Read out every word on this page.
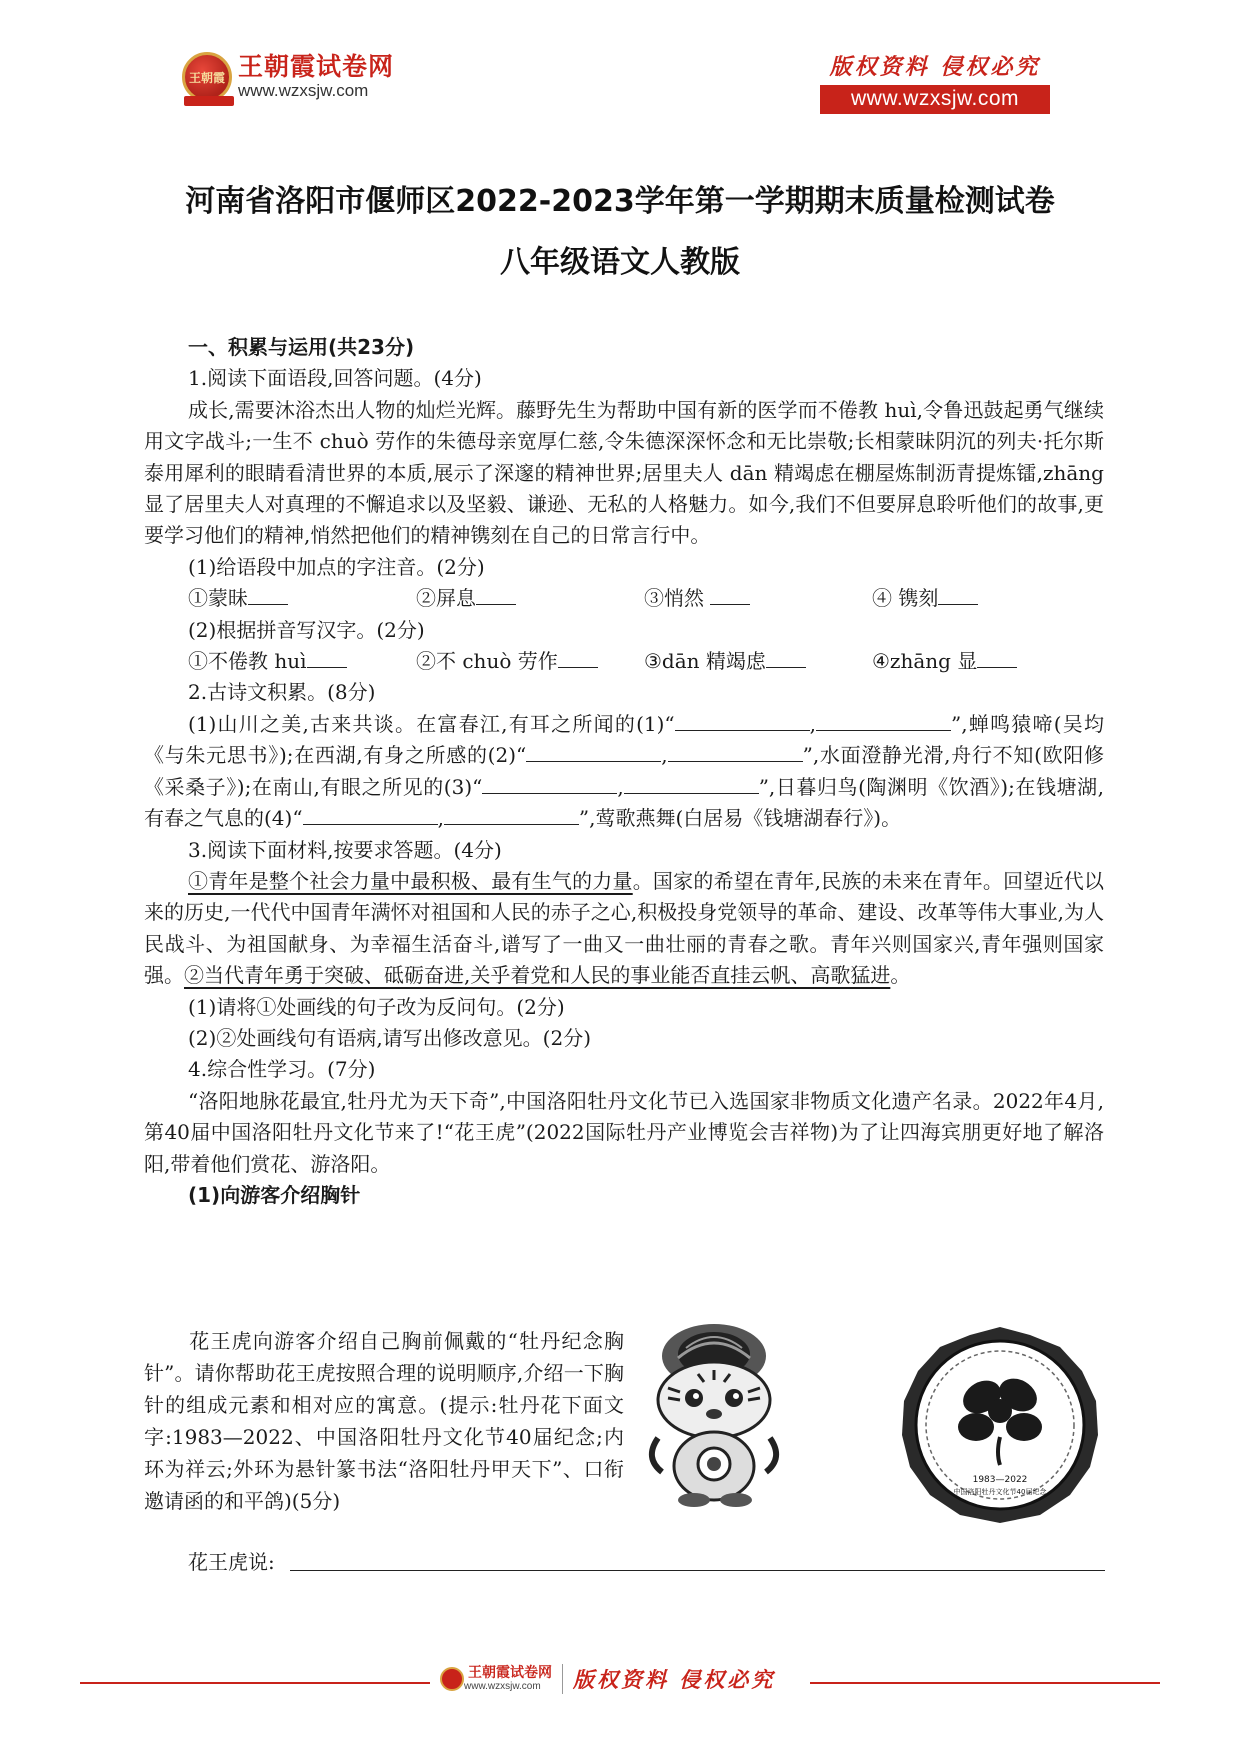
王朝霞 王朝霞试卷网
www.wzxsjw.com
版权资料 侵权必究
www.wzxsjw.com
河南省洛阳市偃师区2022-2023学年第一学期期末质量检测试卷
八年级语文人教版
一、积累与运用(共23分)
1.阅读下面语段,回答问题。(4分)
成长,需要沐浴杰出人物的灿烂光辉。藤野先生为帮助中国有新的医学而不倦教 huì,令鲁迅鼓起勇气继续用文字战斗;一生不 chuò 劳作的朱德母亲宽厚仁慈,令朱德深深怀念和无比崇敬;长相蒙昧阴沉的列夫·托尔斯泰用犀利的眼睛看清世界的本质,展示了深邃的精神世界;居里夫人 dān 精竭虑在棚屋炼制沥青提炼镭,zhāng 显了居里夫人对真理的不懈追求以及坚毅、谦逊、无私的人格魅力。如今,我们不但要屏息聆听他们的故事,更要学习他们的精神,悄然把他们的精神镌刻在自己的日常言行中。
(1)给语段中加点的字注音。(2分)
①蒙昧	②屏息	③悄然	④ 镌刻
(2)根据拼音写汉字。(2分)
①不倦教 huì	②不 chuò 劳作	③dān 精竭虑	④zhāng 显
2.古诗文积累。(8分)
(1)山川之美,古来共谈。在富春江,有耳之所闻的(1)“	,	”,蝉鸣猿啼(吴均《与朱元思书》);在西湖,有身之所感的(2)“	,	”,水面澄静光滑,舟行不知(欧阳修《采桑子》);在南山,有眼之所见的(3)“	,	”,日暮归鸟(陶渊明《饮酒》);在钱塘湖,有春之气息的(4)“	,	”,莺歌燕舞(白居易《钱塘湖春行》)。
3.阅读下面材料,按要求答题。(4分)
①青年是整个社会力量中最积极、最有生气的力量。国家的希望在青年,民族的未来在青年。回望近代以来的历史,一代代中国青年满怀对祖国和人民的赤子之心,积极投身党领导的革命、建设、改革等伟大事业,为人民战斗、为祖国献身、为幸福生活奋斗,谱写了一曲又一曲壮丽的青春之歌。青年兴则国家兴,青年强则国家强。②当代青年勇于突破、砥砺奋进,关乎着党和人民的事业能否直挂云帆、高歌猛进。
(1)请将①处画线的句子改为反问句。(2分)
(2)②处画线句有语病,请写出修改意见。(2分)
4.综合性学习。(7分)
“洛阳地脉花最宜,牡丹尤为天下奇”,中国洛阳牡丹文化节已入选国家非物质文化遗产名录。2022年4月,第40届中国洛阳牡丹文化节来了!“花王虎”(2022国际牡丹产业博览会吉祥物)为了让四海宾朋更好地了解洛阳,带着他们赏花、游洛阳。
(1)向游客介绍胸针
花王虎向游客介绍自己胸前佩戴的“牡丹纪念胸针”。请你帮助花王虎按照合理的说明顺序,介绍一下胸针的组成元素和相对应的寓意。(提示:牡丹花下面文字:1983—2022、中国洛阳牡丹文化节40届纪念;内环为祥云;外环为悬针篆书法“洛阳牡丹甲天下”、口衔邀请函的和平鸽)(5分)
1983—2022
中国洛阳牡丹文化节40届纪念
花王虎说:
王朝霞试卷网
www.wzxsjw.com	版权资料 侵权必究
